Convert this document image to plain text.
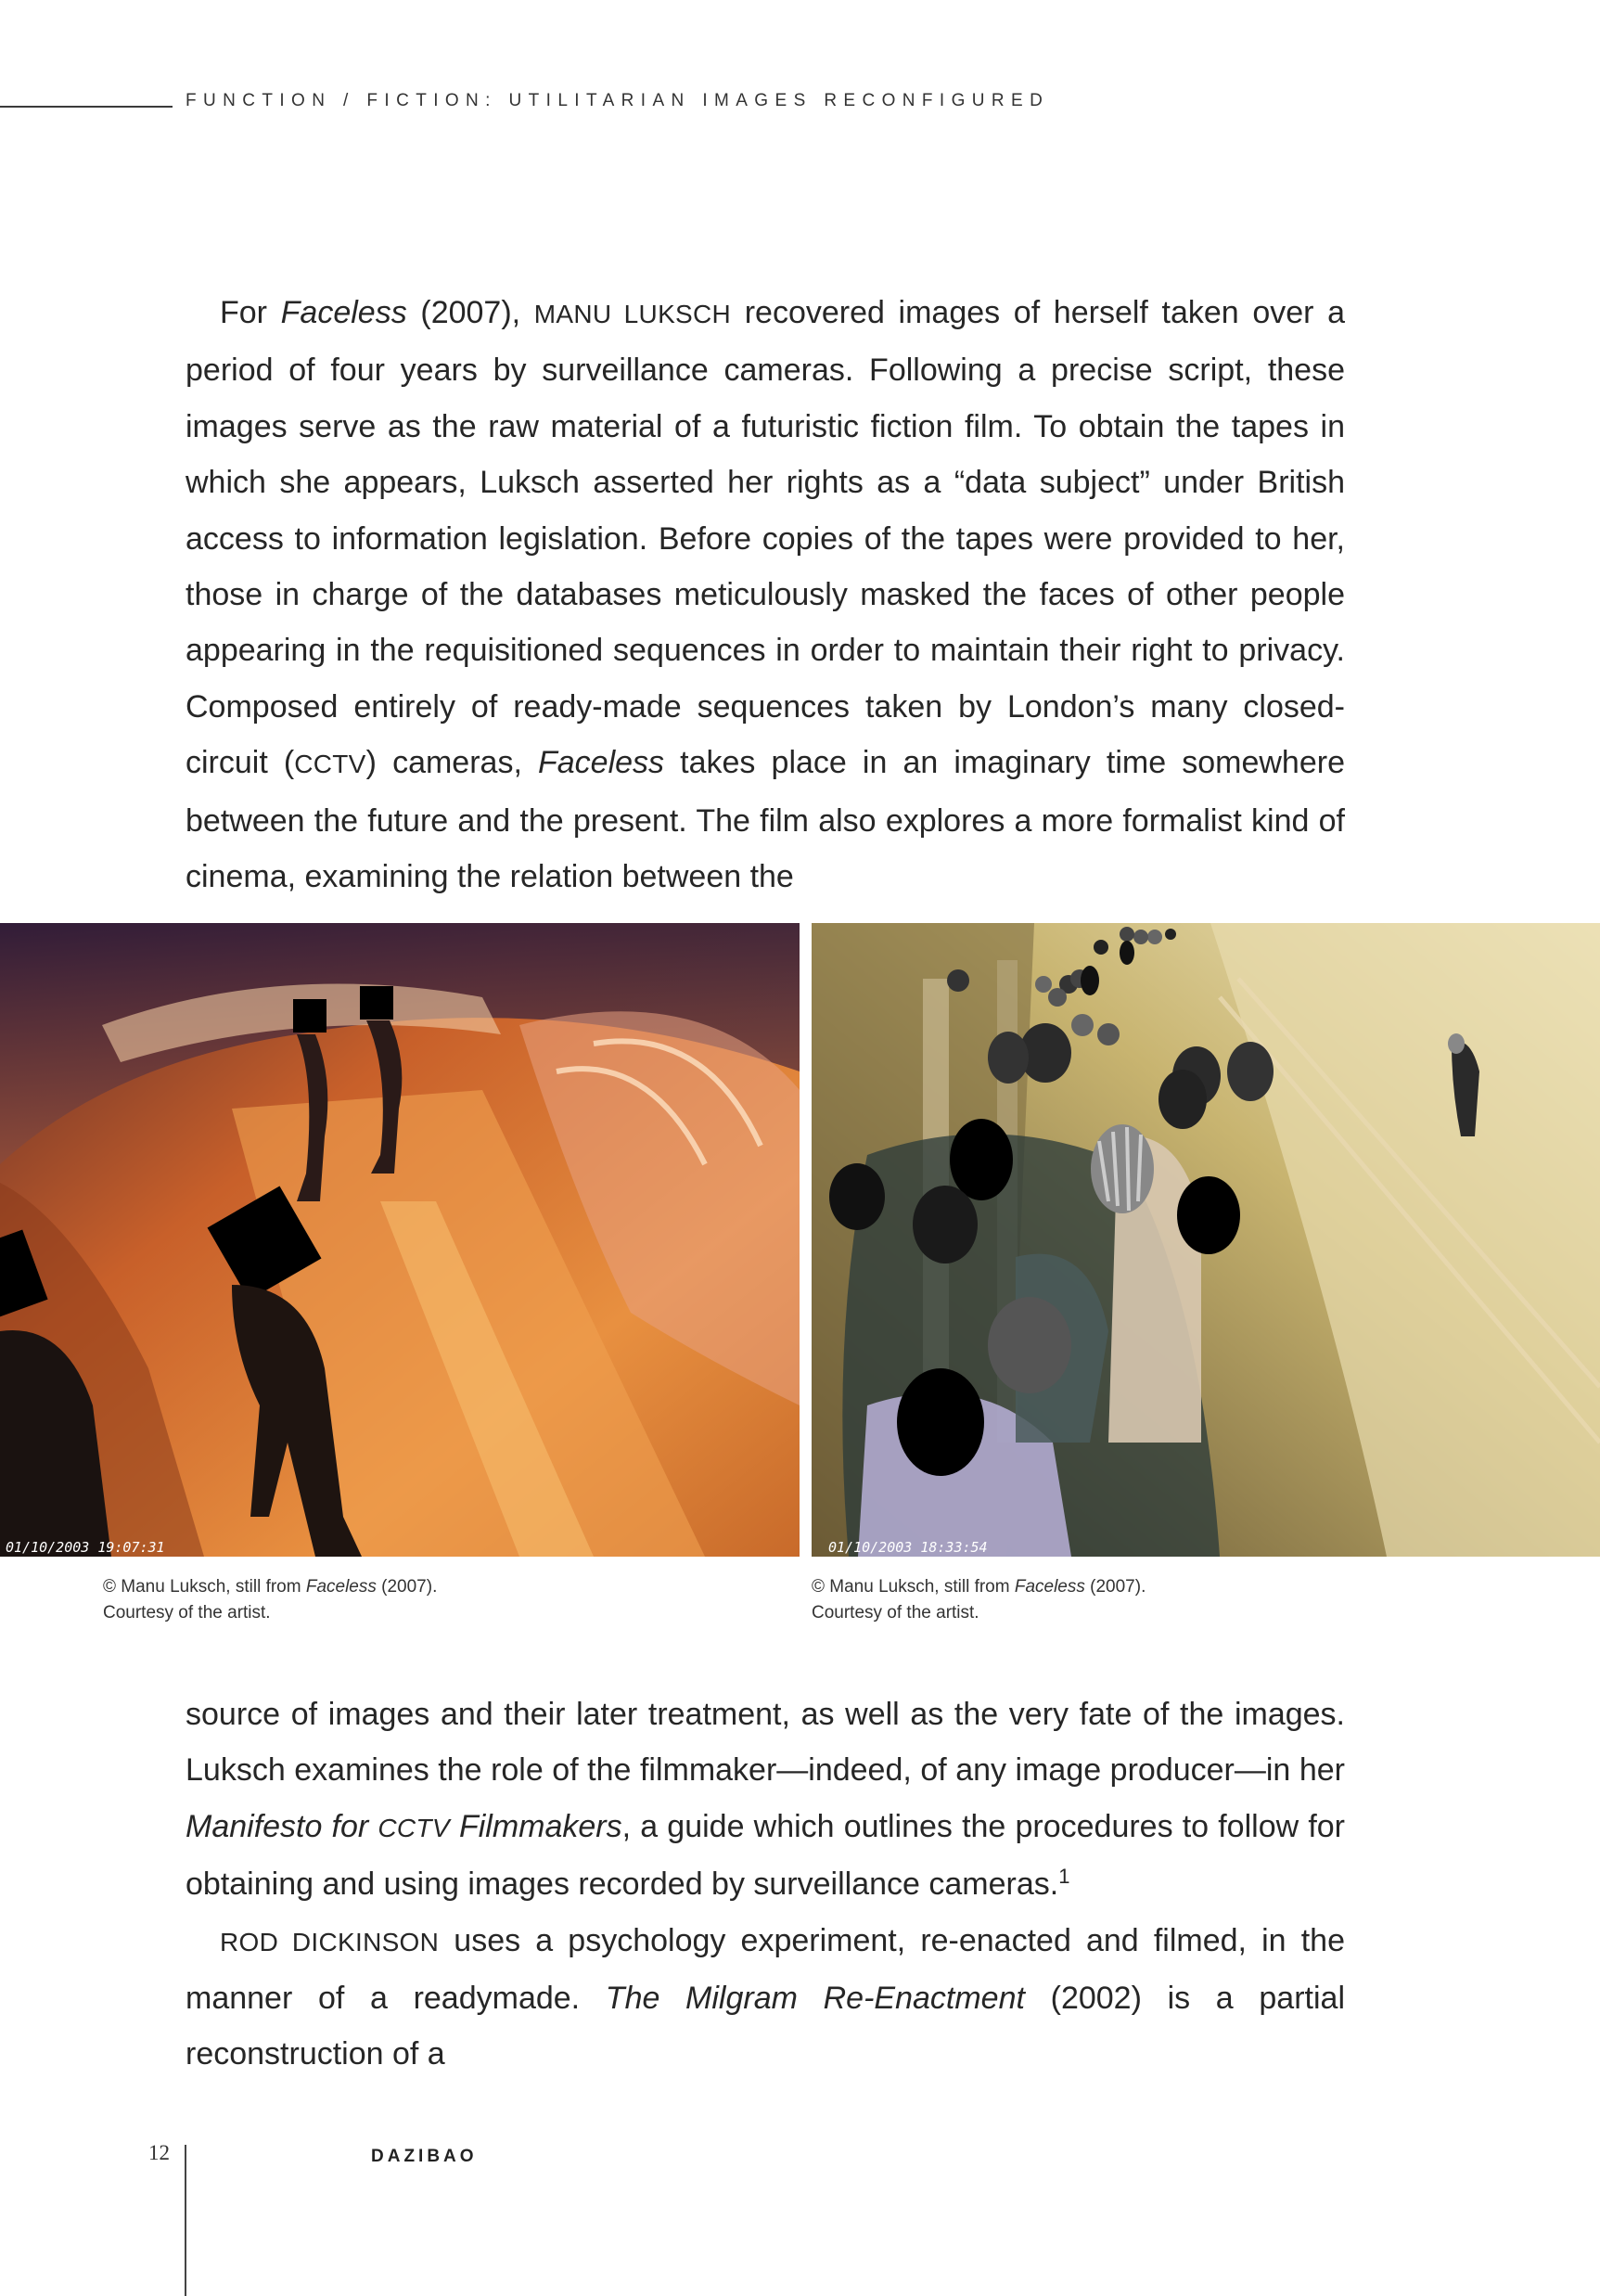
FUNCTION / FICTION: UTILITARIAN IMAGES RECONFIGURED

For Faceless (2007), MANU LUKSCH recovered images of herself taken over a period of four years by surveillance cameras. Following a precise script, these images serve as the raw material of a futuristic fiction film. To obtain the tapes in which she appears, Luksch asserted her rights as a “data subject” under British access to information legislation. Before copies of the tapes were provided to her, those in charge of the databases meticulously masked the faces of other people appearing in the requisitioned sequences in order to maintain their right to privacy. Composed entirely of ready-made sequences taken by London’s many closed-circuit (CCTV) cameras, Faceless takes place in an imaginary time somewhere between the future and the present. The film also explores a more formalist kind of cinema, examining the relation between the

01/10/2003 19:07:31	01/10/2003 18:33:54
© Manu Luksch, still from Faceless (2007).
Courtesy of the artist.
© Manu Luksch, still from Faceless (2007).
Courtesy of the artist.

source of images and their later treatment, as well as the very fate of the images. Luksch examines the role of the filmmaker—indeed, of any image producer—in her Manifesto for CCTV Filmmakers, a guide which outlines the procedures to follow for obtaining and using images recorded by surveillance cameras.$^1$

ROD DICKINSON uses a psychology experiment, re-enacted and filmed, in the manner of a readymade. The Milgram Re-Enactment (2002) is a partial reconstruction of a

12	DAZIBAO
